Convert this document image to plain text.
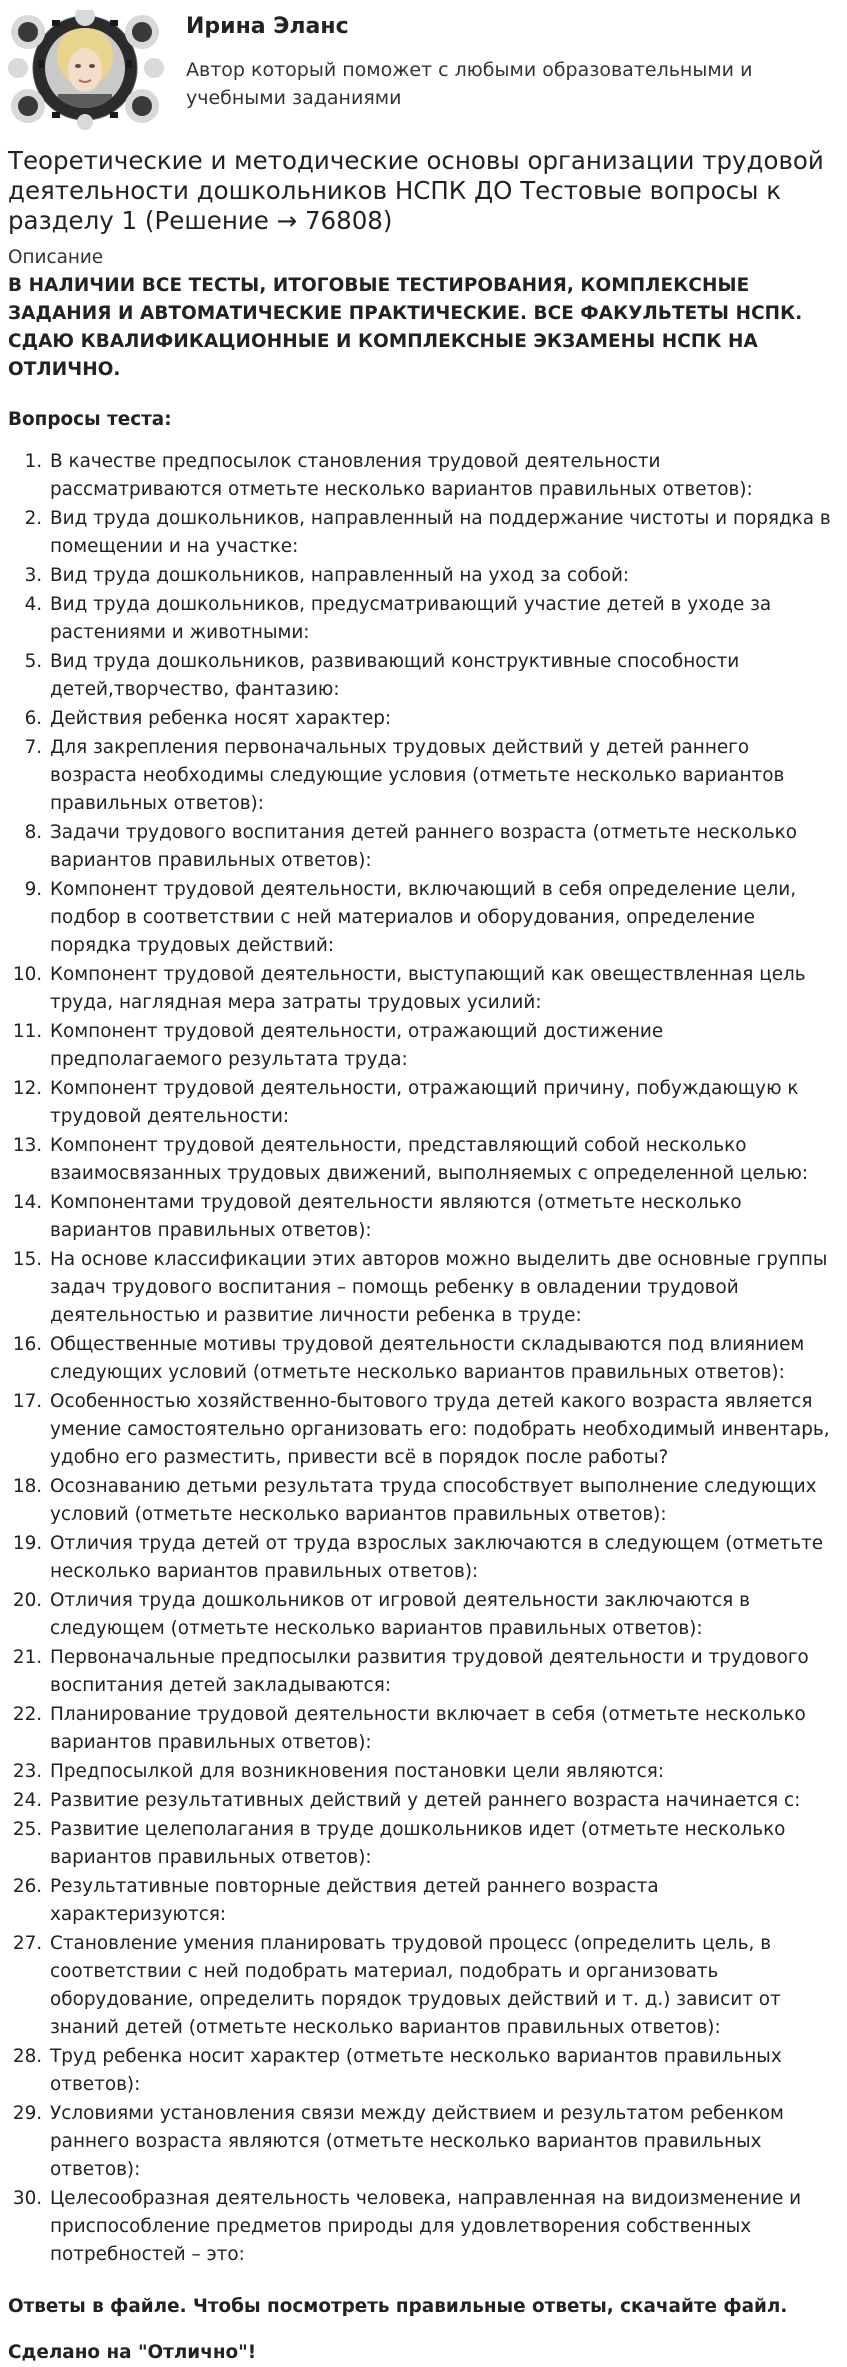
Ирина Эланс

Автор который поможет с любыми образовательными и учебными заданиями

Теоретические и методические основы организации трудовой деятельности дошкольников НСПК ДО Тестовые вопросы к разделу 1 (Решение → 76808)

Описание

В НАЛИЧИИ ВСЕ ТЕСТЫ, ИТОГОВЫЕ ТЕСТИРОВАНИЯ, КОМПЛЕКСНЫЕ ЗАДАНИЯ И АВТОМАТИЧЕСКИЕ ПРАКТИЧЕСКИЕ. ВСЕ ФАКУЛЬТЕТЫ НСПК. СДАЮ КВАЛИФИКАЦИОННЫЕ И КОМПЛЕКСНЫЕ ЭКЗАМЕНЫ НСПК НА ОТЛИЧНО.

Вопросы теста:

1. В качестве предпосылок становления трудовой деятельности рассматриваются отметьте несколько вариантов правильных ответов):
2. Вид труда дошкольников, направленный на поддержание чистоты и порядка в помещении и на участке:
3. Вид труда дошкольников, направленный на уход за собой:
4. Вид труда дошкольников, предусматривающий участие детей в уходе за растениями и животными:
5. Вид труда дошкольников, развивающий конструктивные способности детей,творчество, фантазию:
6. Действия ребенка носят характер:
7. Для закрепления первоначальных трудовых действий у детей раннего возраста необходимы следующие условия (отметьте несколько вариантов правильных ответов):
8. Задачи трудового воспитания детей раннего возраста (отметьте несколько вариантов правильных ответов):
9. Компонент трудовой деятельности, включающий в себя определение цели, подбор в соответствии с ней материалов и оборудования, определение порядка трудовых действий:
10. Компонент трудовой деятельности, выступающий как овеществленная цель труда, наглядная мера затраты трудовых усилий:
11. Компонент трудовой деятельности, отражающий достижение предполагаемого результата труда:
12. Компонент трудовой деятельности, отражающий причину, побуждающую к трудовой деятельности:
13. Компонент трудовой деятельности, представляющий собой несколько взаимосвязанных трудовых движений, выполняемых с определенной целью:
14. Компонентами трудовой деятельности являются (отметьте несколько вариантов правильных ответов):
15. На основе классификации этих авторов можно выделить две основные группы задач трудового воспитания – помощь ребенку в овладении трудовой деятельностью и развитие личности ребенка в труде:
16. Общественные мотивы трудовой деятельности складываются под влиянием следующих условий (отметьте несколько вариантов правильных ответов):
17. Особенностью хозяйственно-бытового труда детей какого возраста является умение самостоятельно организовать его: подобрать необходимый инвентарь, удобно его разместить, привести всё в порядок после работы?
18. Осознаванию детьми результата труда способствует выполнение следующих условий (отметьте несколько вариантов правильных ответов):
19. Отличия труда детей от труда взрослых заключаются в следующем (отметьте несколько вариантов правильных ответов):
20. Отличия труда дошкольников от игровой деятельности заключаются в следующем (отметьте несколько вариантов правильных ответов):
21. Первоначальные предпосылки развития трудовой деятельности и трудового воспитания детей закладываются:
22. Планирование трудовой деятельности включает в себя (отметьте несколько вариантов правильных ответов):
23. Предпосылкой для возникновения постановки цели являются:
24. Развитие результативных действий у детей раннего возраста начинается с:
25. Развитие целеполагания в труде дошкольников идет (отметьте несколько вариантов правильных ответов):
26. Результативные повторные действия детей раннего возраста характеризуются:
27. Становление умения планировать трудовой процесс (определить цель, в соответствии с ней подобрать материал, подобрать и организовать оборудование, определить порядок трудовых действий и т. д.) зависит от знаний детей (отметьте несколько вариантов правильных ответов):
28. Труд ребенка носит характер (отметьте несколько вариантов правильных ответов):
29. Условиями установления связи между действием и результатом ребенком раннего возраста являются (отметьте несколько вариантов правильных ответов):
30. Целесообразная деятельность человека, направленная на видоизменение и приспособление предметов природы для удовлетворения собственных потребностей – это:

Ответы в файле. Чтобы посмотреть правильные ответы, скачайте файл.

Сделано на "Отлично"!
